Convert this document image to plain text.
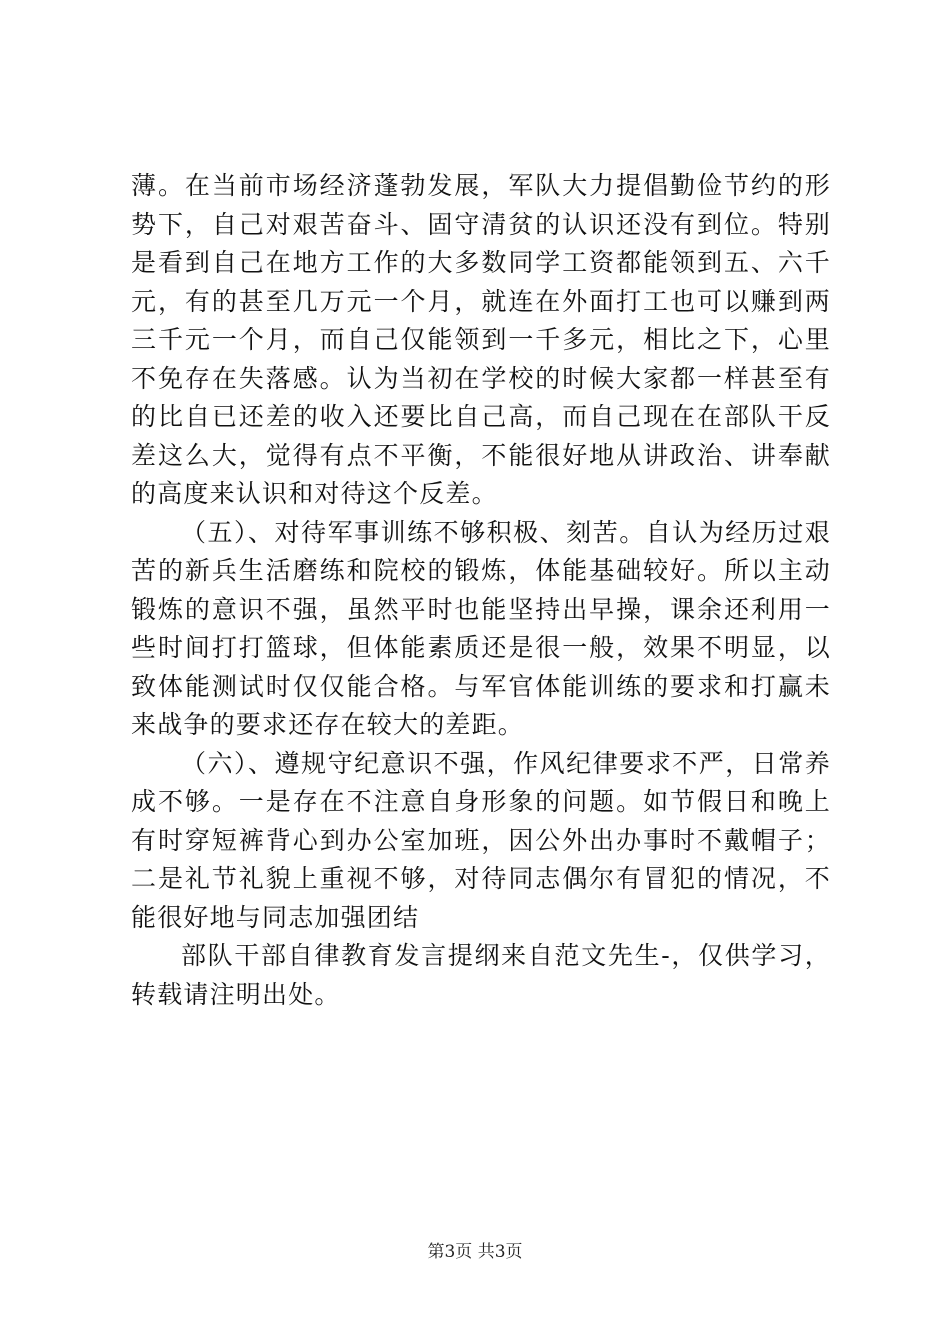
薄。在当前市场经济蓬勃发展，军队大力提倡勤俭节约的形势下，自己对艰苦奋斗、固守清贫的认识还没有到位。特别是看到自己在地方工作的大多数同学工资都能领到五、六千元，有的甚至几万元一个月，就连在外面打工也可以赚到两三千元一个月，而自己仅能领到一千多元，相比之下，心里不免存在失落感。认为当初在学校的时候大家都一样甚至有的比自已还差的收入还要比自己高，而自己现在在部队干反差这么大，觉得有点不平衡，不能很好地从讲政治、讲奉献的高度来认识和对待这个反差。

（五）、对待军事训练不够积极、刻苦。自认为经历过艰苦的新兵生活磨练和院校的锻炼，体能基础较好。所以主动锻炼的意识不强，虽然平时也能坚持出早操，课余还利用一些时间打打篮球，但体能素质还是很一般，效果不明显，以致体能测试时仅仅能合格。与军官体能训练的要求和打赢未来战争的要求还存在较大的差距。

（六）、遵规守纪意识不强，作风纪律要求不严，日常养成不够。一是存在不注意自身形象的问题。如节假日和晚上有时穿短裤背心到办公室加班，因公外出办事时不戴帽子；二是礼节礼貌上重视不够，对待同志偶尔有冒犯的情况，不能很好地与同志加强团结

部队干部自律教育发言提纲来自范文先生-，仅供学习，转载请注明出处。

第3页 共3页
